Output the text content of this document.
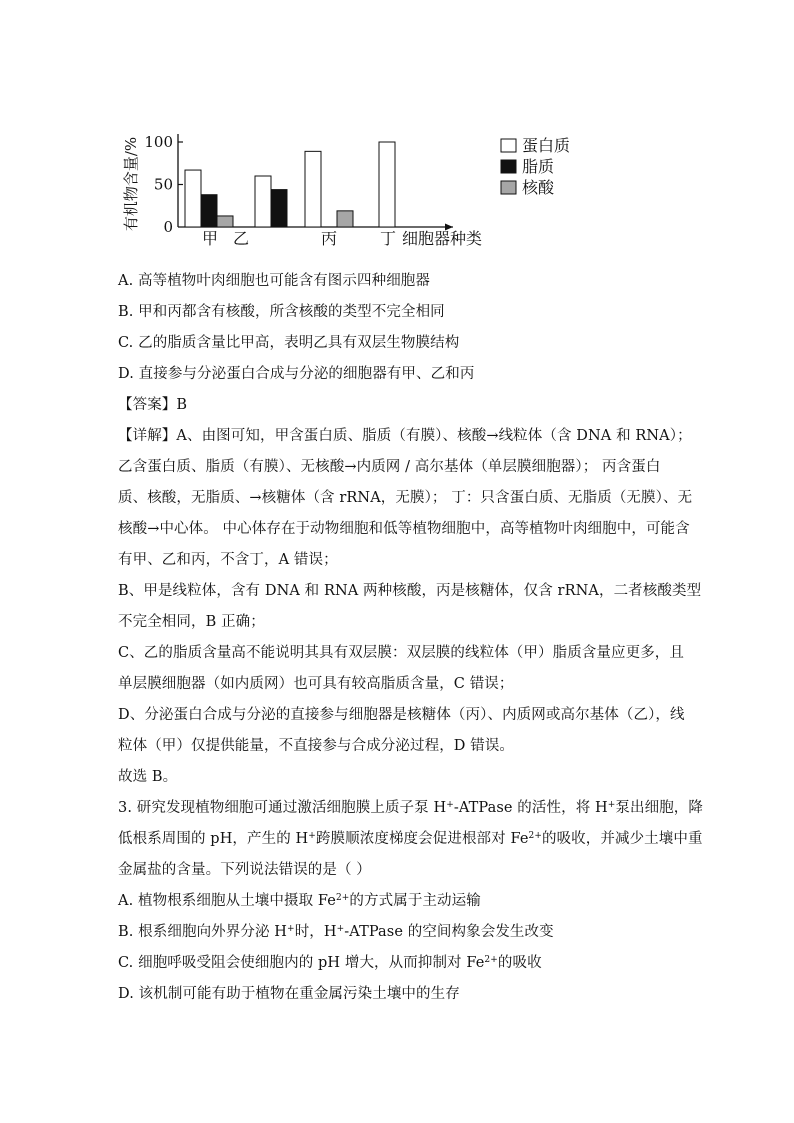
0
50
100
有机物含量/%
甲 乙	丙	丁 细胞器种类
蛋白质
脂质
核酸
A. 高等植物叶肉细胞也可能含有图示四种细胞器
B. 甲和丙都含有核酸，所含核酸的类型不完全相同
C. 乙的脂质含量比甲高，表明乙具有双层生物膜结构
D. 直接参与分泌蛋白合成与分泌的细胞器有甲、乙和丙
【答案】B
【详解】A、由图可知，甲含蛋白质、脂质（有膜）、核酸→线粒体（含 DNA 和 RNA）；
乙含蛋白质、脂质（有膜）、无核酸→内质网 / 高尔基体（单层膜细胞器）； 丙含蛋白
质、核酸，无脂质、→核糖体（含 rRNA，无膜）； 丁：只含蛋白质、无脂质（无膜）、无
核酸→中心体。 中心体存在于动物细胞和低等植物细胞中，高等植物叶肉细胞中，可能含
有甲、乙和丙，不含丁，A 错误；
B、甲是线粒体，含有 DNA 和 RNA 两种核酸，丙是核糖体，仅含 rRNA，二者核酸类型
不完全相同，B 正确；
C、乙的脂质含量高不能说明其具有双层膜：双层膜的线粒体（甲）脂质含量应更多，且
单层膜细胞器（如内质网）也可具有较高脂质含量，C 错误；
D、分泌蛋白合成与分泌的直接参与细胞器是核糖体（丙）、内质网或高尔基体（乙），线
粒体（甲）仅提供能量，不直接参与合成分泌过程，D 错误。
故选 B。
3. 研究发现植物细胞可通过激活细胞膜上质子泵 H+-ATPase 的活性，将 H+泵出细胞，降
低根系周围的 pH，产生的 H+跨膜顺浓度梯度会促进根部对 $Fe^{2+}$的吸收，并减少土壤中重
金属盐的含量。下列说法错误的是（ ）
A. 植物根系细胞从土壤中摄取 $Fe^{2+}$的方式属于主动运输
B. 根系细胞向外界分泌 H+时，H+-ATPase 的空间构象会发生改变
C. 细胞呼吸受阻会使细胞内的 pH 增大，从而抑制对 $Fe^{2+}$的吸收
D. 该机制可能有助于植物在重金属污染土壤中的生存
